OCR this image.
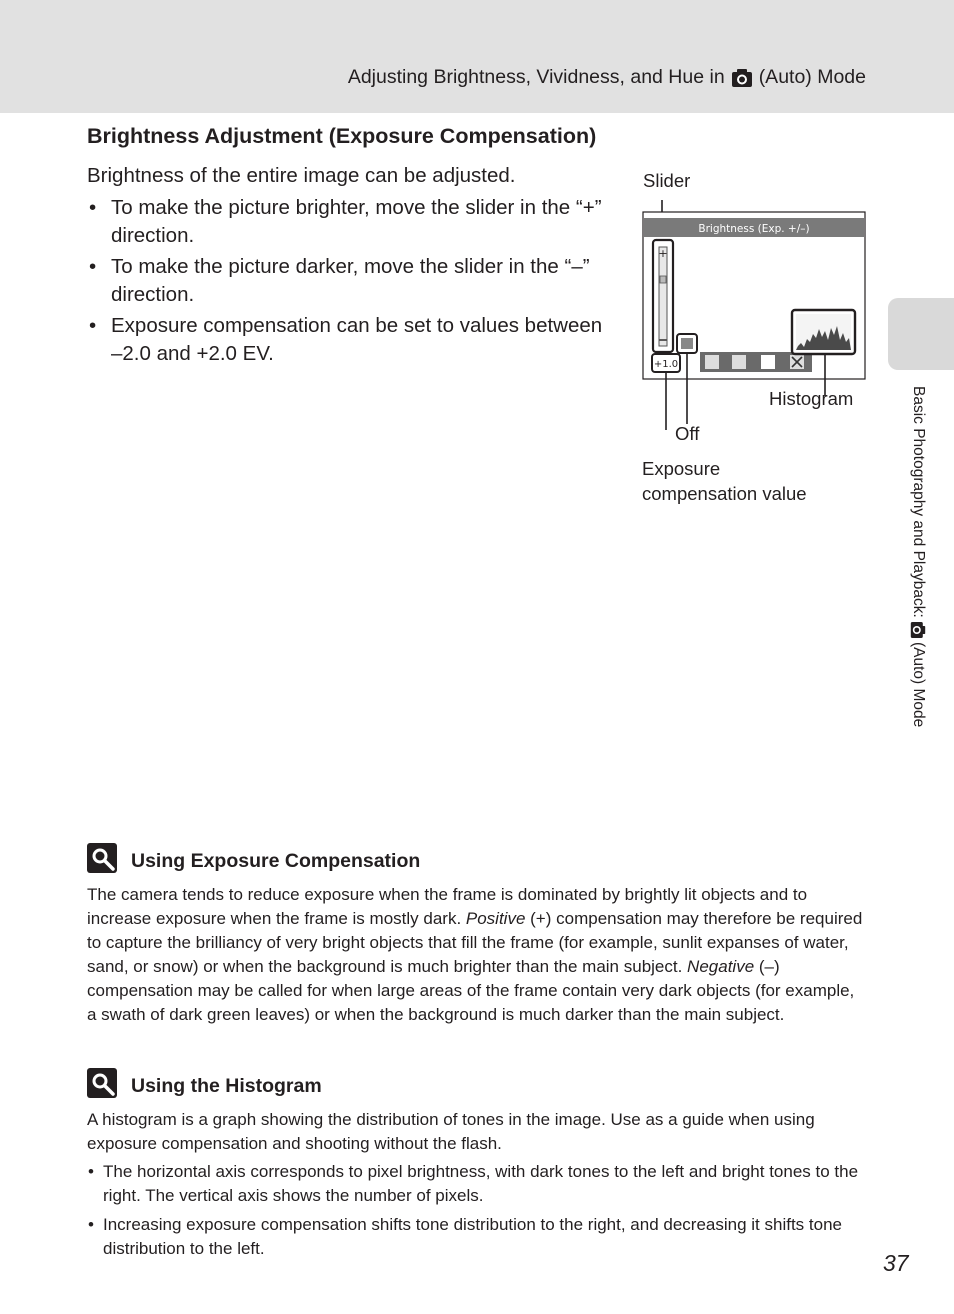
Adjusting Brightness, Vividness, and Hue in (Auto) Mode
Basic Photography and Playback:
(Auto) Mode
Brightness Adjustment (Exposure Compensation)
Brightness of the entire image can be adjusted.
• To make the picture brighter, move the slider in the “+” direction.
• To make the picture darker, move the slider in the “–” direction.
• Exposure compensation can be set to values between –2.0 and +2.0 EV.
Slider
Brightness (Exp. +/–)
+
+1.0
Histogram
Off
Exposure
compensation value
Using Exposure Compensation

The camera tends to reduce exposure when the frame is dominated by brightly lit objects and to increase exposure when the frame is mostly dark. Positive (+) compensation may therefore be required to capture the brilliancy of very bright objects that fill the frame (for example, sunlit expanses of water, sand, or snow) or when the background is much brighter than the main subject. Negative (–) compensation may be called for when large areas of the frame contain very dark objects (for example, a swath of dark green leaves) or when the background is much darker than the main subject.

Using the Histogram

A histogram is a graph showing the distribution of tones in the image. Use as a guide when using exposure compensation and shooting without the flash.

• The horizontal axis corresponds to pixel brightness, with dark tones to the left and bright tones to the right. The vertical axis shows the number of pixels.
• Increasing exposure compensation shifts tone distribution to the right, and decreasing it shifts tone distribution to the left.
37
